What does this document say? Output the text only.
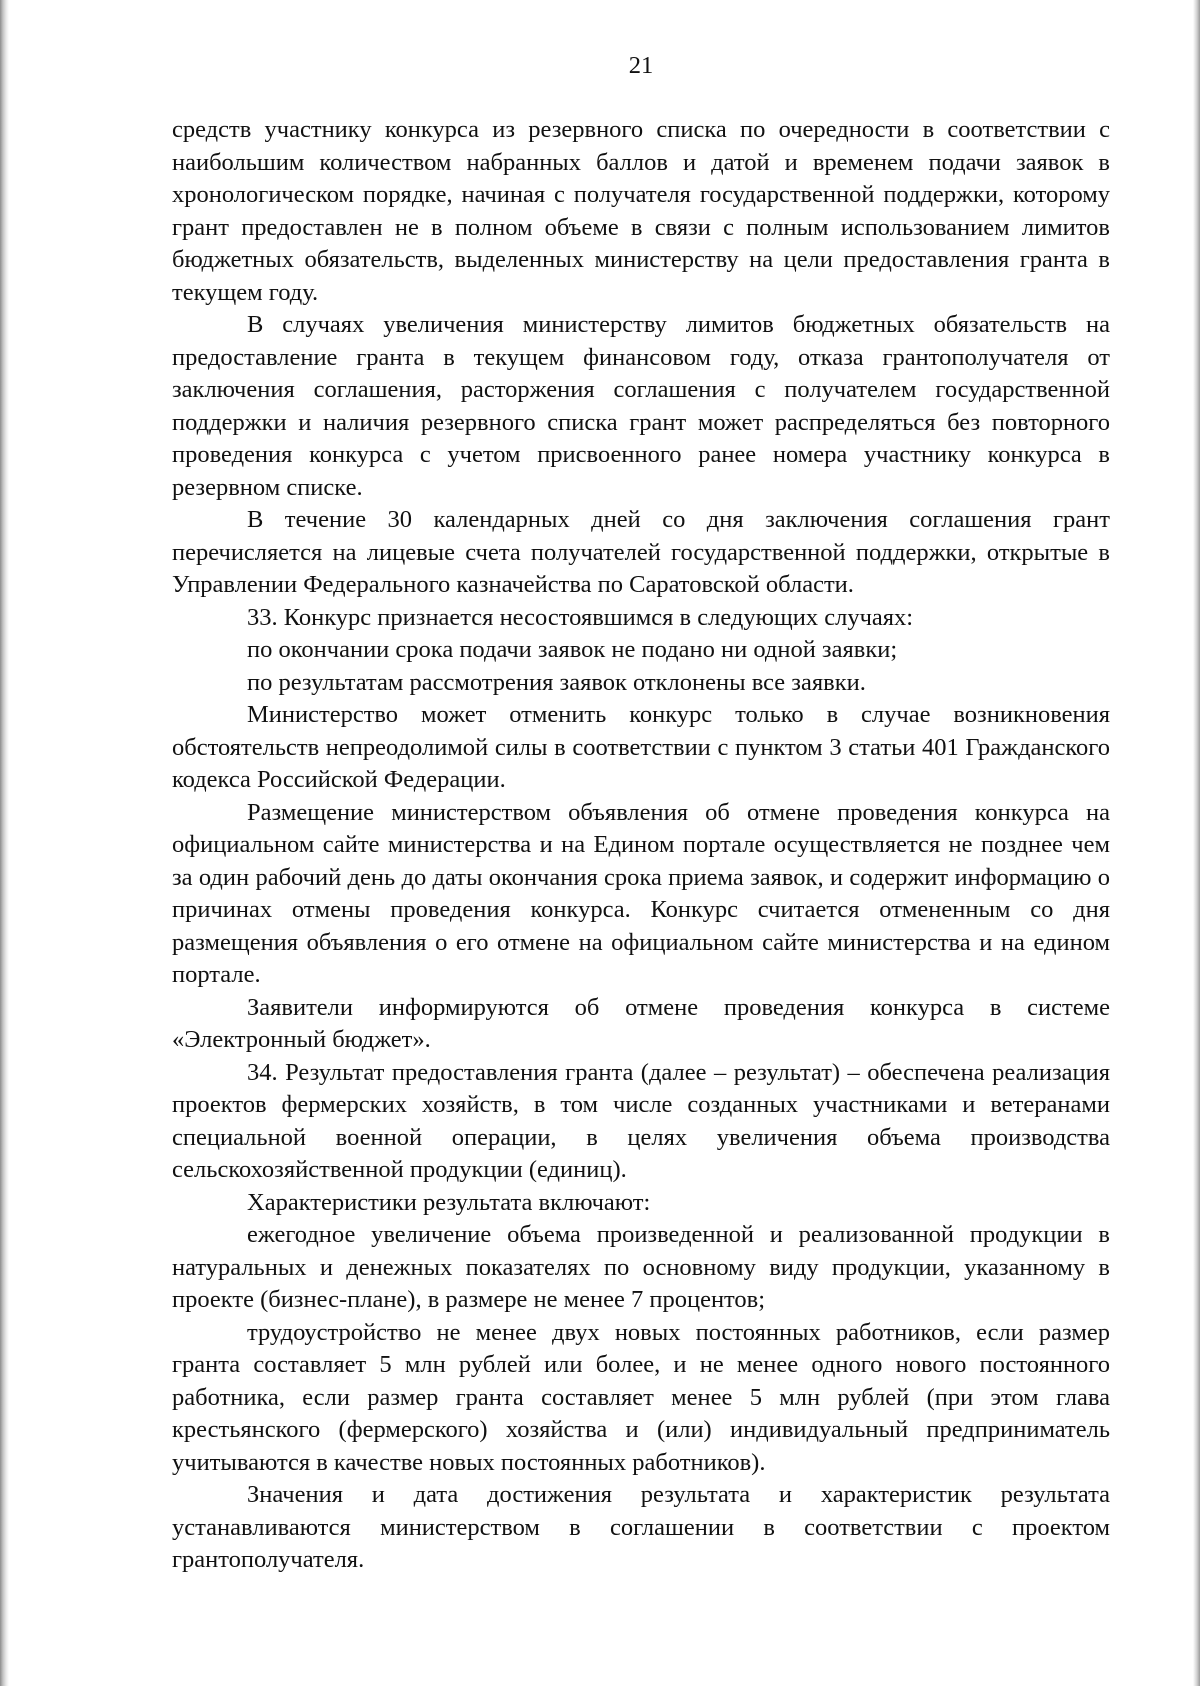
21

средств участнику конкурса из резервного списка по очередности в соответствии с наибольшим количеством набранных баллов и датой и временем подачи заявок в хронологическом порядке, начиная с получателя государственной поддержки, которому грант предоставлен не в полном объеме в связи с полным использованием лимитов бюджетных обязательств, выделенных министерству на цели предоставления гранта в текущем году.

В случаях увеличения министерству лимитов бюджетных обязательств на предоставление гранта в текущем финансовом году, отказа грантополучателя от заключения соглашения, расторжения соглашения с получателем государственной поддержки и наличия резервного списка грант может распределяться без повторного проведения конкурса с учетом присвоенного ранее номера участнику конкурса в резервном списке.

В течение 30 календарных дней со дня заключения соглашения грант перечисляется на лицевые счета получателей государственной поддержки, открытые в Управлении Федерального казначейства по Саратовской области.

33. Конкурс признается несостоявшимся в следующих случаях:

по окончании срока подачи заявок не подано ни одной заявки;

по результатам рассмотрения заявок отклонены все заявки.

Министерство может отменить конкурс только в случае возникновения обстоятельств непреодолимой силы в соответствии с пунктом 3 статьи 401 Гражданского кодекса Российской Федерации.

Размещение министерством объявления об отмене проведения конкурса на официальном сайте министерства и на Едином портале осуществляется не позднее чем за один рабочий день до даты окончания срока приема заявок, и содержит информацию о причинах отмены проведения конкурса. Конкурс считается отмененным со дня размещения объявления о его отмене на официальном сайте министерства и на едином портале.

Заявители информируются об отмене проведения конкурса в системе «Электронный бюджет».

34. Результат предоставления гранта (далее – результат) – обеспечена реализация проектов фермерских хозяйств, в том числе созданных участниками и ветеранами специальной военной операции, в целях увеличения объема производства сельскохозяйственной продукции (единиц).

Характеристики результата включают:

ежегодное увеличение объема произведенной и реализованной продукции в натуральных и денежных показателях по основному виду продукции, указанному в проекте (бизнес-плане), в размере не менее 7 процентов;

трудоустройство не менее двух новых постоянных работников, если размер гранта составляет 5 млн рублей или более, и не менее одного нового постоянного работника, если размер гранта составляет менее 5 млн рублей (при этом глава крестьянского (фермерского) хозяйства и (или) индивидуальный предприниматель учитываются в качестве новых постоянных работников).

Значения и дата достижения результата и характеристик результата устанавливаются министерством в соглашении в соответствии с проектом грантополучателя.
